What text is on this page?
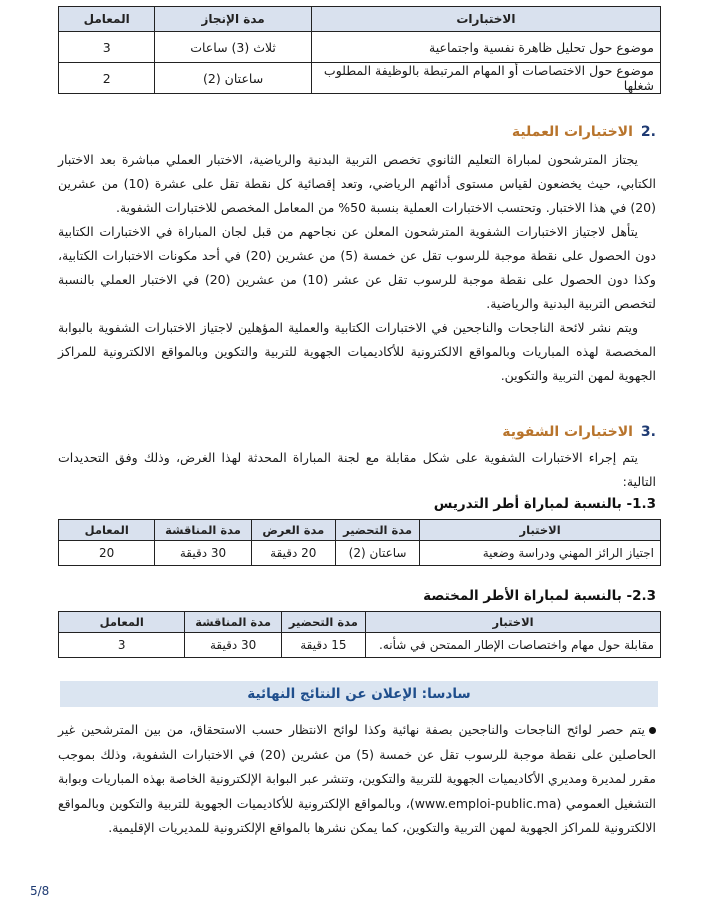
الاختبارات	مدة الإنجاز	المعامل
موضوع حول تحليل ظاهرة نفسية واجتماعية	ثلاث (3) ساعات	3
موضوع حول الاختصاصات أو المهام المرتبطة بالوظيفة المطلوب شغلها	ساعتان (2)	2
.2الاختبارات العملية

يجتاز المترشحون لمباراة التعليم الثانوي تخصص التربية البدنية والرياضية، الاختبار العملي مباشرة بعد الاختبار الكتابي، حيث يخضعون لقياس مستوى أدائهم الرياضي، وتعد إقصائية كل نقطة تقل على عشرة (10) من عشرين (20) في هذا الاختبار. وتحتسب الاختبارات العملية بنسبة 50% من المعامل المخصص للاختبارات الشفوية.

يتأهل لاجتياز الاختبارات الشفوية المترشحون المعلن عن نجاحهم من قبل لجان المباراة في الاختبارات الكتابية دون الحصول على نقطة موجبة للرسوب تقل عن خمسة (5) من عشرين (20) في أحد مكونات الاختبارات الكتابية، وكذا دون الحصول على نقطة موجبة للرسوب تقل عن عشر (10) من عشرين (20) في الاختبار العملي بالنسبة لتخصص التربية البدنية والرياضية.

ويتم نشر لائحة الناجحات والناجحين في الاختبارات الكتابية والعملية المؤهلين لاجتياز الاختبارات الشفوية بالبوابة المخصصة لهذه المباريات وبالمواقع الالكترونية للأكاديميات الجهوية للتربية والتكوين وبالمواقع الالكترونية للمراكز الجهوية لمهن التربية والتكوين.

.3الاختبارات الشفوية

يتم إجراء الاختبارات الشفوية على شكل مقابلة مع لجنة المباراة المحدثة لهذا الغرض، وذلك وفق التحديدات التالية:

1.3- بالنسبة لمباراة أطر التدريس
الاختبار	مدة التحضير	مدة العرض	مدة المناقشة	المعامل
اجتياز الرائز المهني ودراسة وضعية	ساعتان (2)	20 دقيقة	30 دقيقة	20
2.3- بالنسبة لمباراة الأطر المختصة
الاختبار	مدة التحضير	مدة المناقشة	المعامل
مقابلة حول مهام واختصاصات الإطار الممتحن في شأنه.	15 دقيقة	30 دقيقة	3
سادسا: الإعلان عن النتائج النهائية
يتم حصر لوائح الناجحات والناجحين بصفة نهائية وكذا لوائح الانتظار حسب الاستحقاق، من بين المترشحين غير الحاصلين على نقطة موجبة للرسوب تقل عن خمسة (5) من عشرين (20) في الاختبارات الشفوية، وذلك بموجب مقرر لمديرة ومديري الأكاديميات الجهوية للتربية والتكوين، وتنشر عبر البوابة الإلكترونية الخاصة بهذه المباريات وبوابة التشغيل العمومي (www.emploi-public.ma)، وبالمواقع الإلكترونية للأكاديميات الجهوية للتربية والتكوين وبالمواقع الالكترونية للمراكز الجهوية لمهن التربية والتكوين، كما يمكن نشرها بالمواقع الإلكترونية للمديريات الإقليمية.
5/8
